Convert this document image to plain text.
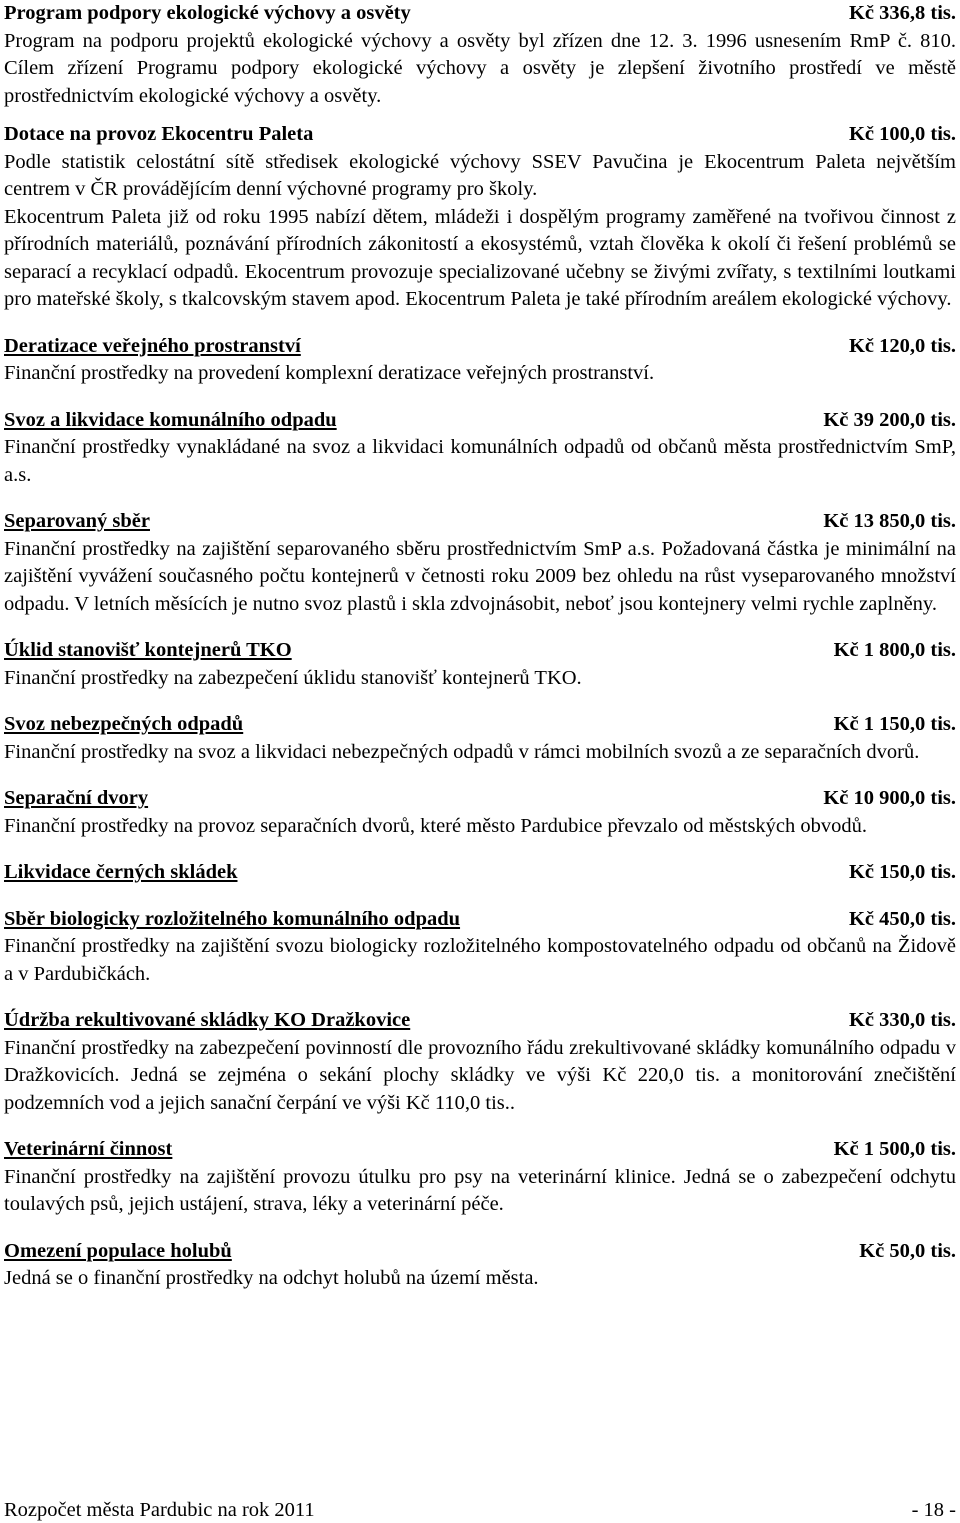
Program podpory ekologické výchovy a osvěty	Kč 336,8 tis.

Program na podporu projektů ekologické výchovy a osvěty byl zřízen dne 12. 3. 1996 usnesením RmP č. 810. Cílem zřízení Programu podpory ekologické výchovy a osvěty je zlepšení životního prostředí ve městě prostřednictvím ekologické výchovy a osvěty.

Dotace na provoz Ekocentru Paleta	Kč 100,0 tis.

Podle statistik celostátní sítě středisek ekologické výchovy SSEV Pavučina je Ekocentrum Paleta největším centrem v ČR provádějícím denní výchovné programy pro školy.

Ekocentrum Paleta již od roku 1995 nabízí dětem, mládeži i dospělým programy zaměřené na tvořivou činnost z přírodních materiálů, poznávání přírodních zákonitostí a ekosystémů, vztah člověka k okolí či řešení problémů se separací a recyklací odpadů. Ekocentrum provozuje specializované učebny se živými zvířaty, s textilními loutkami pro mateřské školy, s tkalcovským stavem apod. Ekocentrum Paleta je také přírodním areálem ekologické výchovy.

Deratizace veřejného prostranství	Kč 120,0 tis.

Finanční prostředky na provedení komplexní deratizace veřejných prostranství.

Svoz a likvidace komunálního odpadu	Kč 39 200,0 tis.

Finanční prostředky vynakládané na svoz a likvidaci komunálních odpadů od občanů města prostřednictvím SmP, a.s.

Separovaný sběr	Kč 13 850,0 tis.

Finanční prostředky na zajištění separovaného sběru prostřednictvím SmP a.s. Požadovaná částka je minimální na zajištění vyvážení současného počtu kontejnerů v četnosti roku 2009 bez ohledu na růst vyseparovaného množství odpadu. V letních měsících je nutno svoz plastů i skla zdvojnásobit, neboť jsou kontejnery velmi rychle zaplněny.

Úklid stanovišť kontejnerů TKO	Kč 1 800,0 tis.

Finanční prostředky na zabezpečení úklidu stanovišť kontejnerů TKO.

Svoz nebezpečných odpadů	Kč 1 150,0 tis.

Finanční prostředky na svoz a likvidaci nebezpečných odpadů v rámci mobilních svozů a ze separačních dvorů.

Separační dvory	Kč 10 900,0 tis.

Finanční prostředky na provoz separačních dvorů, které město Pardubice převzalo od městských obvodů.

Likvidace černých skládek	Kč 150,0 tis.
Sběr biologicky rozložitelného komunálního odpadu	Kč 450,0 tis.

Finanční prostředky na zajištění svozu biologicky rozložitelného kompostovatelného odpadu od občanů na Židově a v Pardubičkách.

Údržba rekultivované skládky KO Dražkovice	Kč 330,0 tis.

Finanční prostředky na zabezpečení povinností dle provozního řádu zrekultivované skládky komunálního odpadu v Dražkovicích. Jedná se zejména o sekání plochy skládky ve výši Kč 220,0 tis. a monitorování znečištění podzemních vod a jejich sanační čerpání ve výši Kč 110,0 tis..

Veterinární činnost	Kč 1 500,0 tis.

Finanční prostředky na zajištění provozu útulku pro psy na veterinární klinice. Jedná se o zabezpečení odchytu toulavých psů, jejich ustájení, strava, léky a veterinární péče.

Omezení populace holubů	Kč 50,0 tis.

Jedná se o finanční prostředky na odchyt holubů na území města.

Rozpočet města Pardubic na rok 2011	- 18 -
